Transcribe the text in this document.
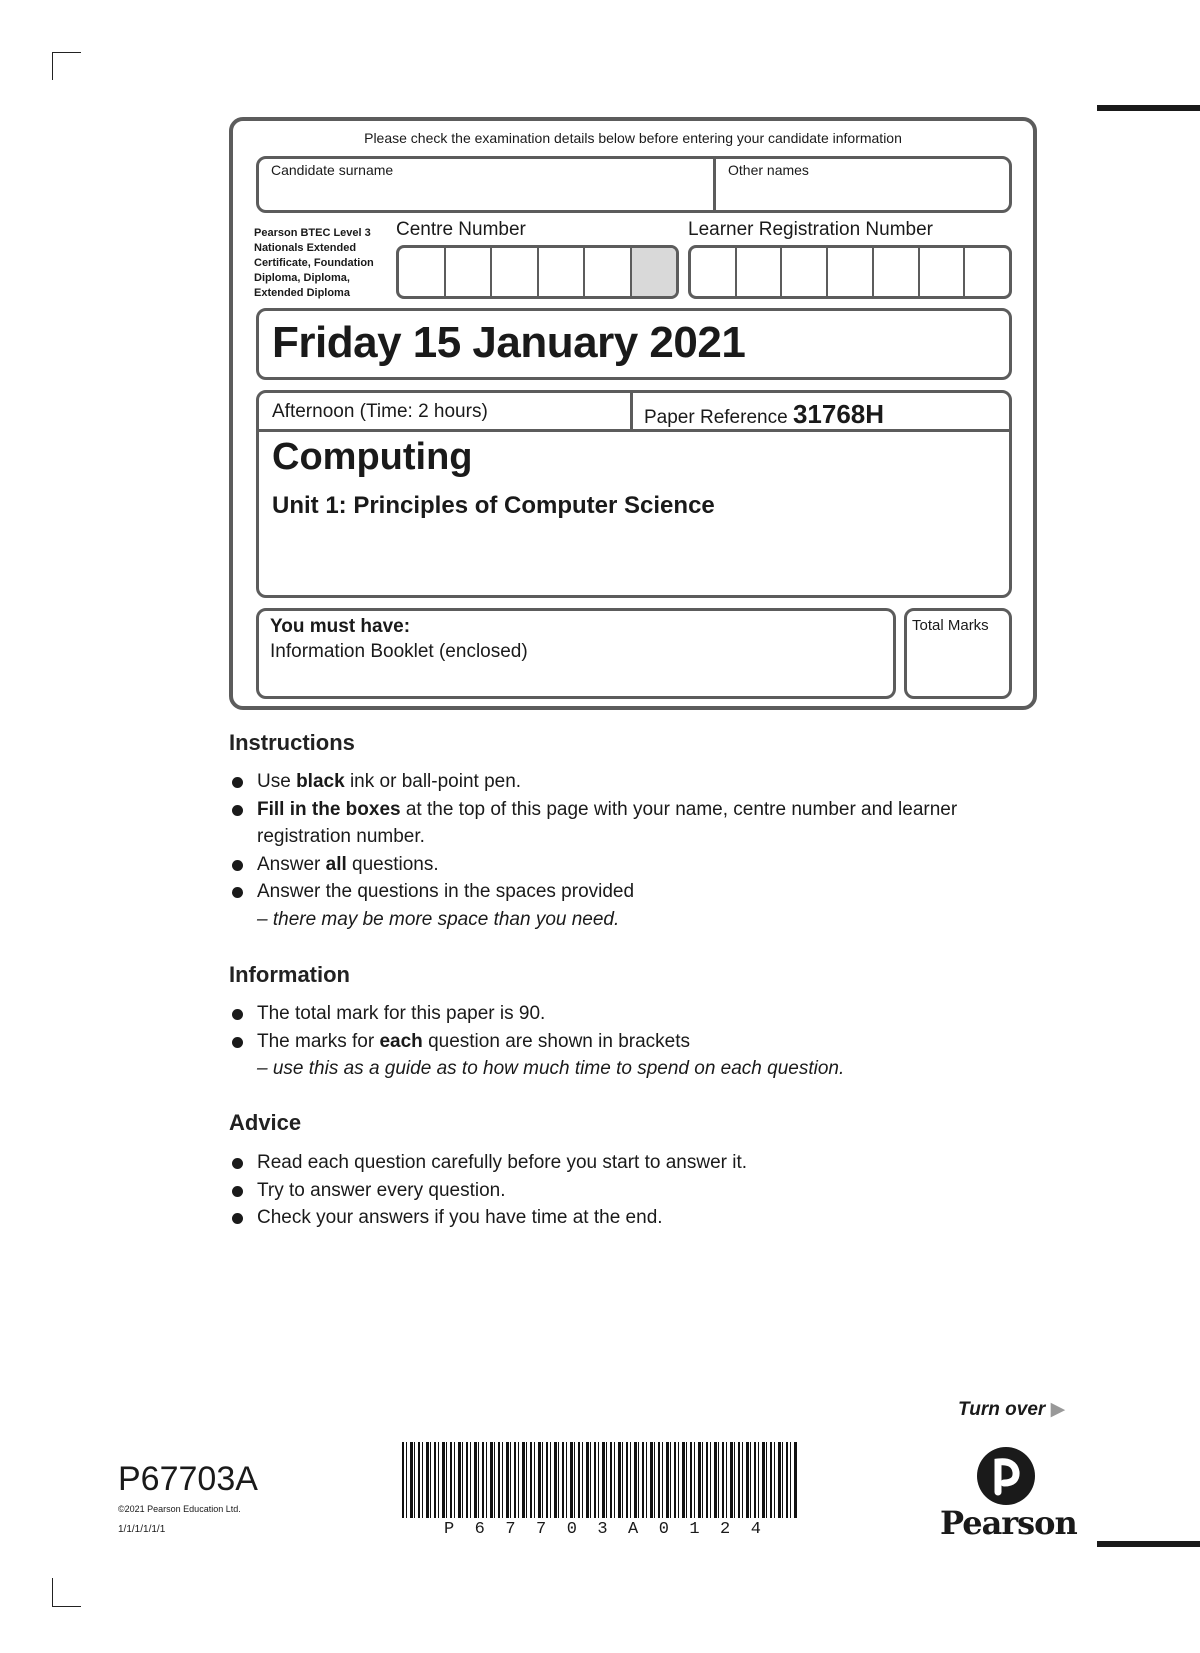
Please check the examination details below before entering your candidate information
Candidate surname	Other names
Pearson BTEC Level 3 Nationals Extended Certificate, Foundation Diploma, Diploma, Extended Diploma
Centre Number	Learner Registration Number
Friday 15 January 2021
Afternoon (Time: 2 hours)	Paper Reference 31768H
Computing
Unit 1: Principles of Computer Science
You must have:
Information Booklet (enclosed)
Total Marks
Instructions
Use black ink or ball-point pen.
Fill in the boxes at the top of this page with your name, centre number and learner registration number.
Answer all questions.
Answer the questions in the spaces provided
– there may be more space than you need.
Information
The total mark for this paper is 90.
The marks for each question are shown in brackets
– use this as a guide as to how much time to spend on each question.
Advice
Read each question carefully before you start to answer it.
Try to answer every question.
Check your answers if you have time at the end.
Turn over ▶
P67703A
©2021 Pearson Education Ltd.
1/1/1/1/1/1	P 6 7 7 0 3 A 0 1 2 4	Pearson
